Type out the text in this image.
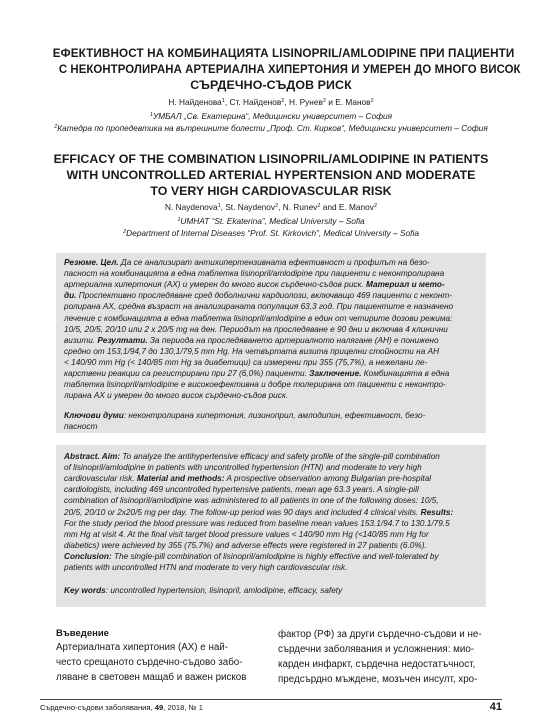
ЕФЕКТИВНОСТ НА КОМБИНАЦИЯТА LISINOPRIL/AMLODIPINE ПРИ ПАЦИЕНТИ
С НЕКОНТРОЛИРАНА АРТЕРИАЛНА ХИПЕРТОНИЯ И УМЕРЕН ДО МНОГО ВИСОК
СЪРДЕЧНО-СЪДОВ РИСК
Н. Найденова$^1$, Ст. Найденов$^2$, Н. Рунев$^2$ и Е. Манов$^2$
$^1$УМБАЛ „Св. Екатерина“, Медицински университет – София
$^2$Катедра по пропедевтика на вътрешните болести „Проф. Ст. Кирков“, Медицински университет – София
EFFICACY OF THE COMBINATION LISINOPRIL/AMLODIPINE IN PATIENTS
WITH UNCONTROLLED ARTERIAL HYPERTENSION AND MODERATE
TO VERY HIGH CARDIOVASCULAR RISK
N. Naydenova$^1$, St. Naydenov$^2$, N. Runev$^2$ and E. Manov$^2$
$^1$UMHAT “St. Ekaterina”, Medical University – Sofia
$^2$Department of Internal Diseases “Prof. St. Kirkovich”, Medical University – Sofia
Резюме. Цел. Да се анализират антихипертензивната ефективност и профилът на безо-
пасност на комбинацията в една таблетка lisinopril/amlodipine при пациенти с неконтролирана
артериална хипертония (АХ) и умерен до много висок сърдечно-съдов риск. Материал и мето-
ди. Проспективно проследяване сред доболнични кардиолози, включващо 469 пациенти с неконт-
ролирана АХ, средна възраст на анализираната популация 63,3 год. При пациентите е назначено
лечение с комбинацията в една таблетка lisinopril/amlodipine в един от четирите дозови режима:
10/5, 20/5, 20/10 или 2 x 20/5 mg на ден. Периодът на проследяване е 90 дни и включва 4 клинични
визити. Резултати. За периода на проследяването артериалното налягане (АН) е понижено
средно от 153,1/94,7 до 130,1/79,5 mm Hg. На четвъртата визита прицелни стойности на АН
< 140/90 mm Hg (< 140/85 mm Hg за диабетици) са измерени при 355 (75,7%), а нежелани ле-
карствени реакции са регистрирани при 27 (6,0%) пациенти. Заключение. Комбинацията в една
таблетка lisinopril/amlodipine е високоефективна и добре толерирана от пациенти с неконтро-
лирана АХ и умерен до много висок сърдечно-съдов риск.
Ключови думи: неконтролирана хипертония, лизиноприл, амлодипин, ефективност, безо-
пасност
Abstract. Aim: To analyze the antihypertensive efficacy and safety profile of the single-pill combination
of lisinopril/amlodipine in patients with uncontrolled hypertension (HTN) and moderate to very high
cardiovascular risk. Material and methods: A prospective observation among Bulgarian pre-hospital
cardiologists, including 469 uncontrolled hypertensive patients, mean age 63.3 years. A single-pill
combination of lisinopril/amlodipine was administered to all patients in one of the following doses: 10/5,
20/5, 20/10 or 2x20/5 mg per day. The follow-up period was 90 days and included 4 clinical visits. Results:
For the study period the blood pressure was reduced from baseline mean values 153.1/94.7 to 130.1/79.5
mm Hg at visit 4. At the final visit target blood pressure values < 140/90 mm Hg (<140/85 mm Hg for
diabetics) were achieved by 355 (75.7%) and adverse effects were registered in 27 patients (6.0%).
Conclusion: The single-pill combination of lisinopril/amlodipine is highly effective and well-tolerated by
patients with uncontrolled HTN and moderate to very high cardiovascular risk.
Key words: uncontrolled hypertension, lisinopril, amlodipine, efficacy, safety
Въведение
Артериалната хипертония (АХ) е най-
често срещаното сърдечно-съдово забо-
ляване в световен мащаб и важен рисков
фактор (РФ) за други сърдечно-съдови и не-
сърдечни заболявания и усложнения: мио-
карден инфаркт, сърдечна недостатъчност,
предсърдно мъждене, мозъчен инсулт, хро-
Сърдечно-съдови заболявания, 49, 2018, № 1	41
